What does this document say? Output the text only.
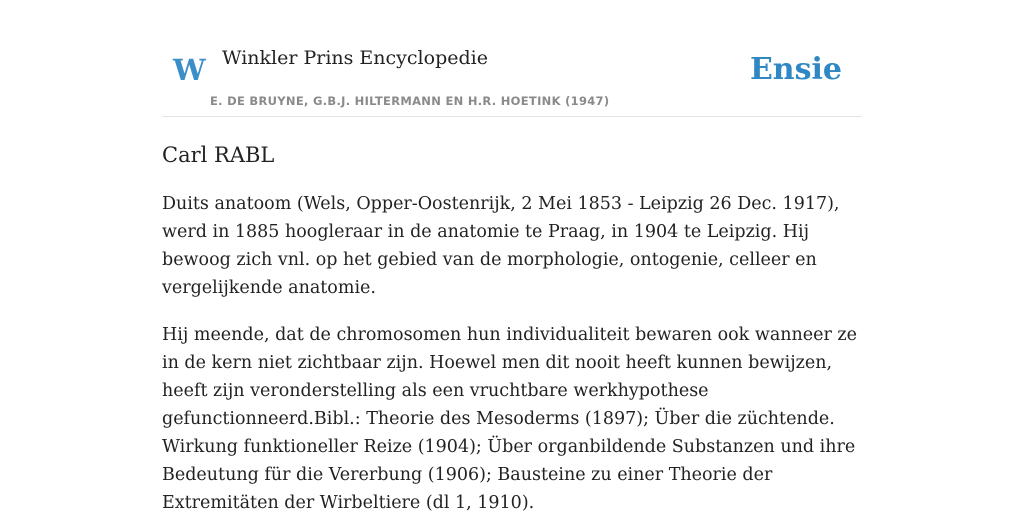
W Winkler Prins Encyclopedie
E. DE BRUYNE, G.B.J. HILTERMANN EN H.R. HOETINK (1947)
Ensie
Carl RABL

Duits anatoom (Wels, Opper-Oostenrijk, 2 Mei 1853 - Leipzig 26 Dec. 1917), werd in 1885 hoogleraar in de anatomie te Praag, in 1904 te Leipzig. Hij bewoog zich vnl. op het gebied van de morphologie, ontogenie, celleer en vergelijkende anatomie.

Hij meende, dat de chromosomen hun individualiteit bewaren ook wanneer ze in de kern niet zichtbaar zijn. Hoewel men dit nooit heeft kunnen bewijzen, heeft zijn veronderstelling als een vruchtbare werkhypothese gefunctionneerd.Bibl.: Theorie des Mesoderms (1897); Über die züchtende. Wirkung funktioneller Reize (1904); Über organbildende Substanzen und ihre Bedeutung für die Vererbung (1906); Bausteine zu einer Theorie der Extremitäten der Wirbeltiere (dl 1, 1910).
